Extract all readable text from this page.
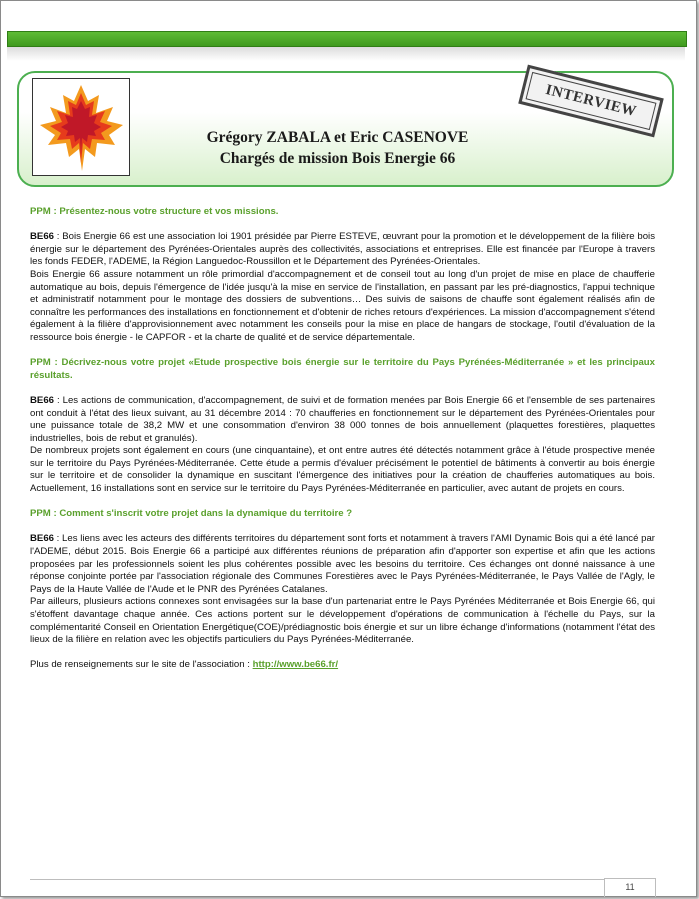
INTERVIEW
Grégory ZABALA et Eric CASENOVE
Chargés de mission Bois Energie 66

PPM : Présentez-nous votre structure et vos missions.

BE66 : Bois Energie 66 est une association loi 1901 présidée par Pierre ESTEVE, œuvrant pour la promotion et le développement de la filière bois énergie sur le département des Pyrénées-Orientales auprès des collectivités, associations et entreprises. Elle est financée par l'Europe à travers les fonds FEDER, l'ADEME, la Région Languedoc-Roussillon et le Département des Pyrénées-Orientales.

Bois Energie 66 assure notamment un rôle primordial d'accompagnement et de conseil tout au long d'un projet de mise en place de chaufferie automatique au bois, depuis l'émergence de l'idée jusqu'à la mise en service de l'installation, en passant par les pré-diagnostics, l'appui technique et administratif notamment pour le montage des dossiers de subventions… Des suivis de saisons de chauffe sont également réalisés afin de connaître les performances des installations en fonctionnement et d'obtenir de riches retours d'expériences. La mission d'accompagnement s'étend également à la filière d'approvisionnement avec notamment les conseils pour la mise en place de hangars de stockage, l'outil d'évaluation de la ressource bois énergie - le CAPFOR - et la charte de qualité et de service départementale.

PPM : Décrivez-nous votre projet «Etude prospective bois énergie sur le territoire du Pays Pyrénées-Méditerranée » et les principaux résultats.

BE66 : Les actions de communication, d'accompagnement, de suivi et de formation menées par Bois Energie 66 et l'ensemble de ses partenaires ont conduit à l'état des lieux suivant, au 31 décembre 2014 : 70 chaufferies en fonctionnement sur le département des Pyrénées-Orientales pour une puissance totale de 38,2 MW et une consommation d'environ 38 000 tonnes de bois annuellement (plaquettes forestières, plaquettes industrielles, bois de rebut et granulés).

De nombreux projets sont également en cours (une cinquantaine), et ont entre autres été détectés notamment grâce à l'étude prospective menée sur le territoire du Pays Pyrénées-Méditerranée. Cette étude a permis d'évaluer précisément le potentiel de bâtiments à convertir au bois énergie sur le territoire et de consolider la dynamique en suscitant l'émergence des initiatives pour la création de chaufferies automatiques au bois. Actuellement, 16 installations sont en service sur le territoire du Pays Pyrénées-Méditerranée en particulier, avec autant de projets en cours.

PPM : Comment s'inscrit votre projet dans la dynamique du territoire ?

BE66 : Les liens avec les acteurs des différents territoires du département sont forts et notamment à travers l'AMI Dynamic Bois qui a été lancé par l'ADEME, début 2015. Bois Energie 66 a participé aux différentes réunions de préparation afin d'apporter son expertise et afin que les actions proposées par les professionnels soient les plus cohérentes possible avec les besoins du territoire. Ces échanges ont donné naissance à une réponse conjointe portée par l'association régionale des Communes Forestières avec le Pays Pyrénées-Méditerranée, le Pays Vallée de l'Agly, le Pays de la Haute Vallée de l'Aude et le PNR des Pyrénées Catalanes.

Par ailleurs, plusieurs actions connexes sont envisagées sur la base d'un partenariat entre le Pays Pyrénées Méditerranée et Bois Energie 66, qui s'étoffent davantage chaque année. Ces actions portent sur le développement d'opérations de communication à l'échelle du Pays, sur la complémentarité Conseil en Orientation Energétique(COE)/prédiagnostic bois énergie et sur un libre échange d'informations (notamment l'état des lieux de la filière en relation avec les objectifs particuliers du Pays Pyrénées-Méditerranée.

Plus de renseignements sur le site de l'association : http://www.be66.fr/

11
